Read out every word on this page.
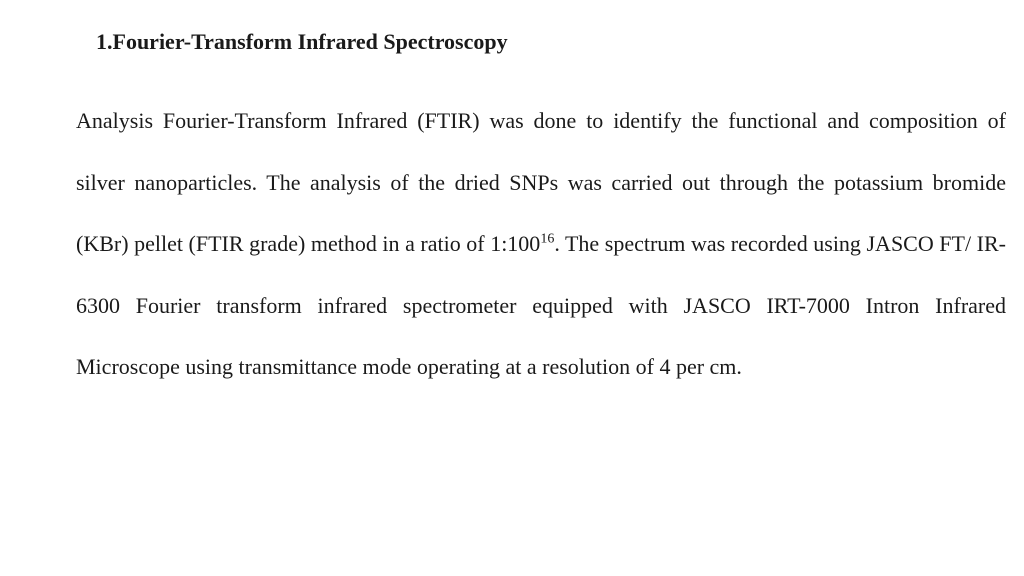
1.Fourier-Transform Infrared Spectroscopy

Analysis Fourier-Transform Infrared (FTIR) was done to identify the functional and composition of silver nanoparticles. The analysis of the dried SNPs was carried out through the potassium bromide (KBr) pellet (FTIR grade) method in a ratio of 1:100$^{16}$. The spectrum was recorded using JASCO FT/ IR-6300 Fourier transform infrared spectrometer equipped with JASCO IRT-7000 Intron Infrared Microscope using transmittance mode operating at a resolution of 4 per cm.
